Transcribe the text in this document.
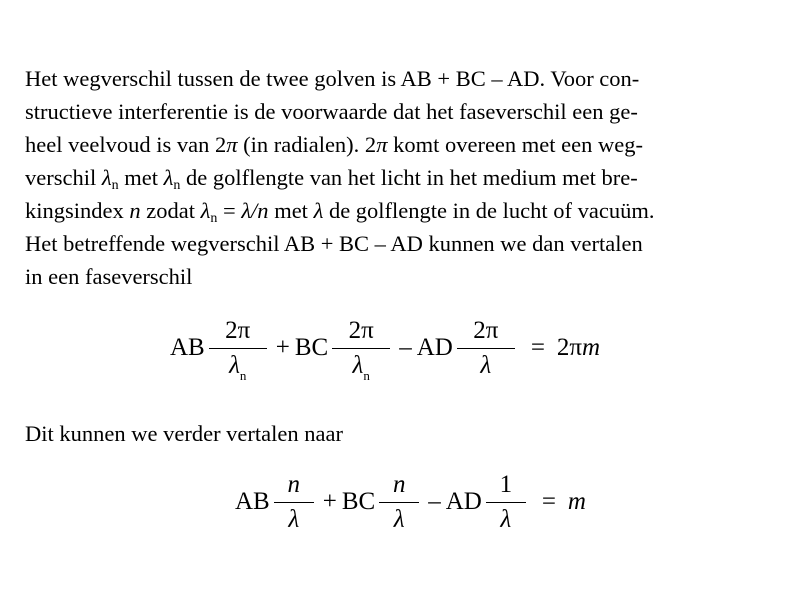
Het wegverschil tussen de twee golven is AB + BC – AD. Voor con-
structieve interferentie is de voorwaarde dat het faseverschil een ge-
heel veelvoud is van 2π (in radialen). 2π komt overeen met een weg-
verschil $\lambda_n$ met $\lambda_n$ de golflengte van het licht in het medium met bre-
kingsindex n zodat $\lambda_n = \lambda/n$ met λ de golflengte in de lucht of vacuüm.
Het betreffende wegverschil AB + BC – AD kunnen we dan vertalen
in een faseverschil
AB $\frac{2\pi}{\lambda_n}$ + BC $\frac{2\pi}{\lambda_n}$ – AD $\frac{2\pi}{\lambda} = 2\pi$ m
Dit kunnen we verder vertalen naar
AB $\frac{n}{\lambda}$ + BC $\frac{n}{\lambda}$ – AD $\frac{1}{\lambda} = m$
